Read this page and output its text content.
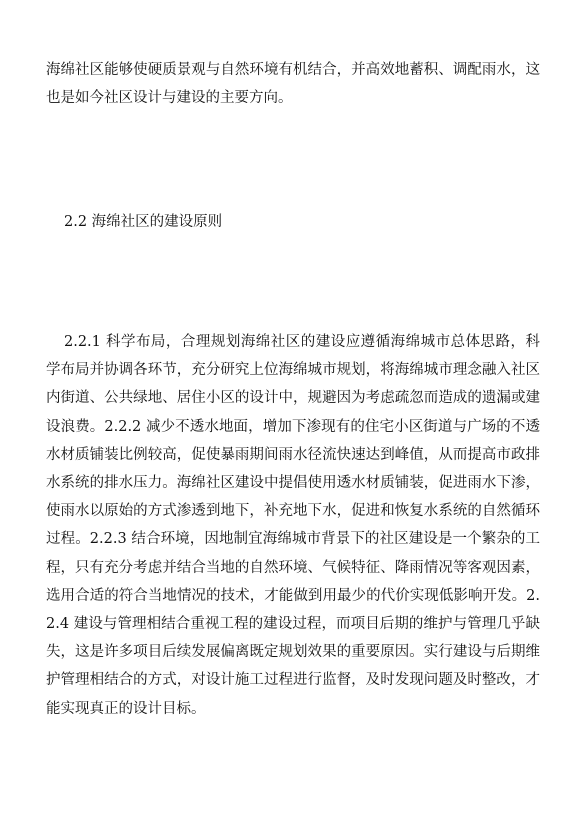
海绵社区能够使硬质景观与自然环境有机结合，并高效地蓄积、调配雨水，这也是如今社区设计与建设的主要方向。

2.2 海绵社区的建设原则

2.2.1 科学布局，合理规划海绵社区的建设应遵循海绵城市总体思路，科学布局并协调各环节，充分研究上位海绵城市规划，将海绵城市理念融入社区内街道、公共绿地、居住小区的设计中，规避因为考虑疏忽而造成的遗漏或建设浪费。2.2.2 减少不透水地面，增加下渗现有的住宅小区街道与广场的不透水材质铺装比例较高，促使暴雨期间雨水径流快速达到峰值，从而提高市政排水系统的排水压力。海绵社区建设中提倡使用透水材质铺装，促进雨水下渗，使雨水以原始的方式渗透到地下，补充地下水，促进和恢复水系统的自然循环过程。2.2.3 结合环境，因地制宜海绵城市背景下的社区建设是一个繁杂的工程，只有充分考虑并结合当地的自然环境、气候特征、降雨情况等客观因素，选用合适的符合当地情况的技术，才能做到用最少的代价实现低影响开发。2.2.4 建设与管理相结合重视工程的建设过程，而项目后期的维护与管理几乎缺失，这是许多项目后续发展偏离既定规划效果的重要原因。实行建设与后期维护管理相结合的方式，对设计施工过程进行监督，及时发现问题及时整改，才能实现真正的设计目标。
